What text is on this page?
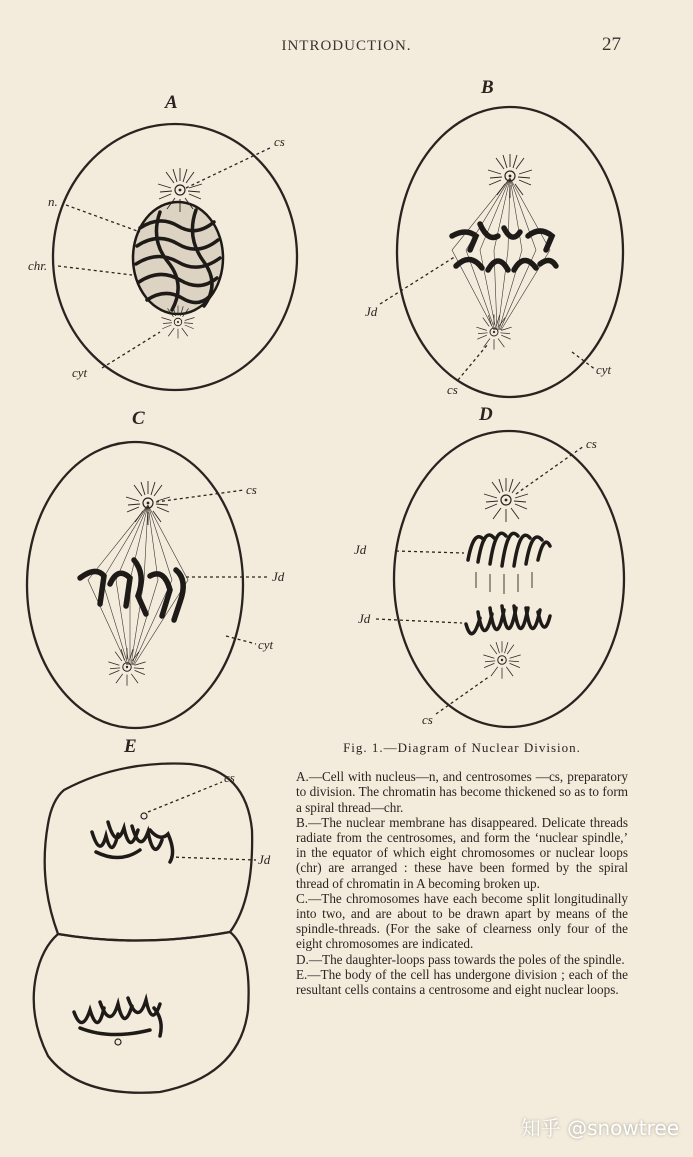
INTRODUCTION.	27
A
cs
n.
chr.
cyt
B
Jd
cs
cyt
C
cs
Jd
cyt
D
cs
Jd
Jd
cs
E
cs
Jd
Fig. 1.—Diagram of Nuclear Division.

A.—Cell with nucleus—n, and centrosomes —cs, preparatory to division. The chromatin has become thickened so as to form a spiral thread—chr.

B.—The nuclear membrane has disappeared. Delicate threads radiate from the centrosomes, and form the ‘nuclear spindle,’ in the equator of which eight chromosomes or nuclear loops (chr) are arranged : these have been formed by the spiral thread of chromatin in A becoming broken up.

C.—The chromosomes have each become split longitudinally into two, and are about to be drawn apart by means of the spindle-threads. (For the sake of clearness only four of the eight chromosomes are indicated.

D.—The daughter-loops pass towards the poles of the spindle.

E.—The body of the cell has undergone division ; each of the resultant cells contains a centrosome and eight nuclear loops.

知乎 @snowtree
